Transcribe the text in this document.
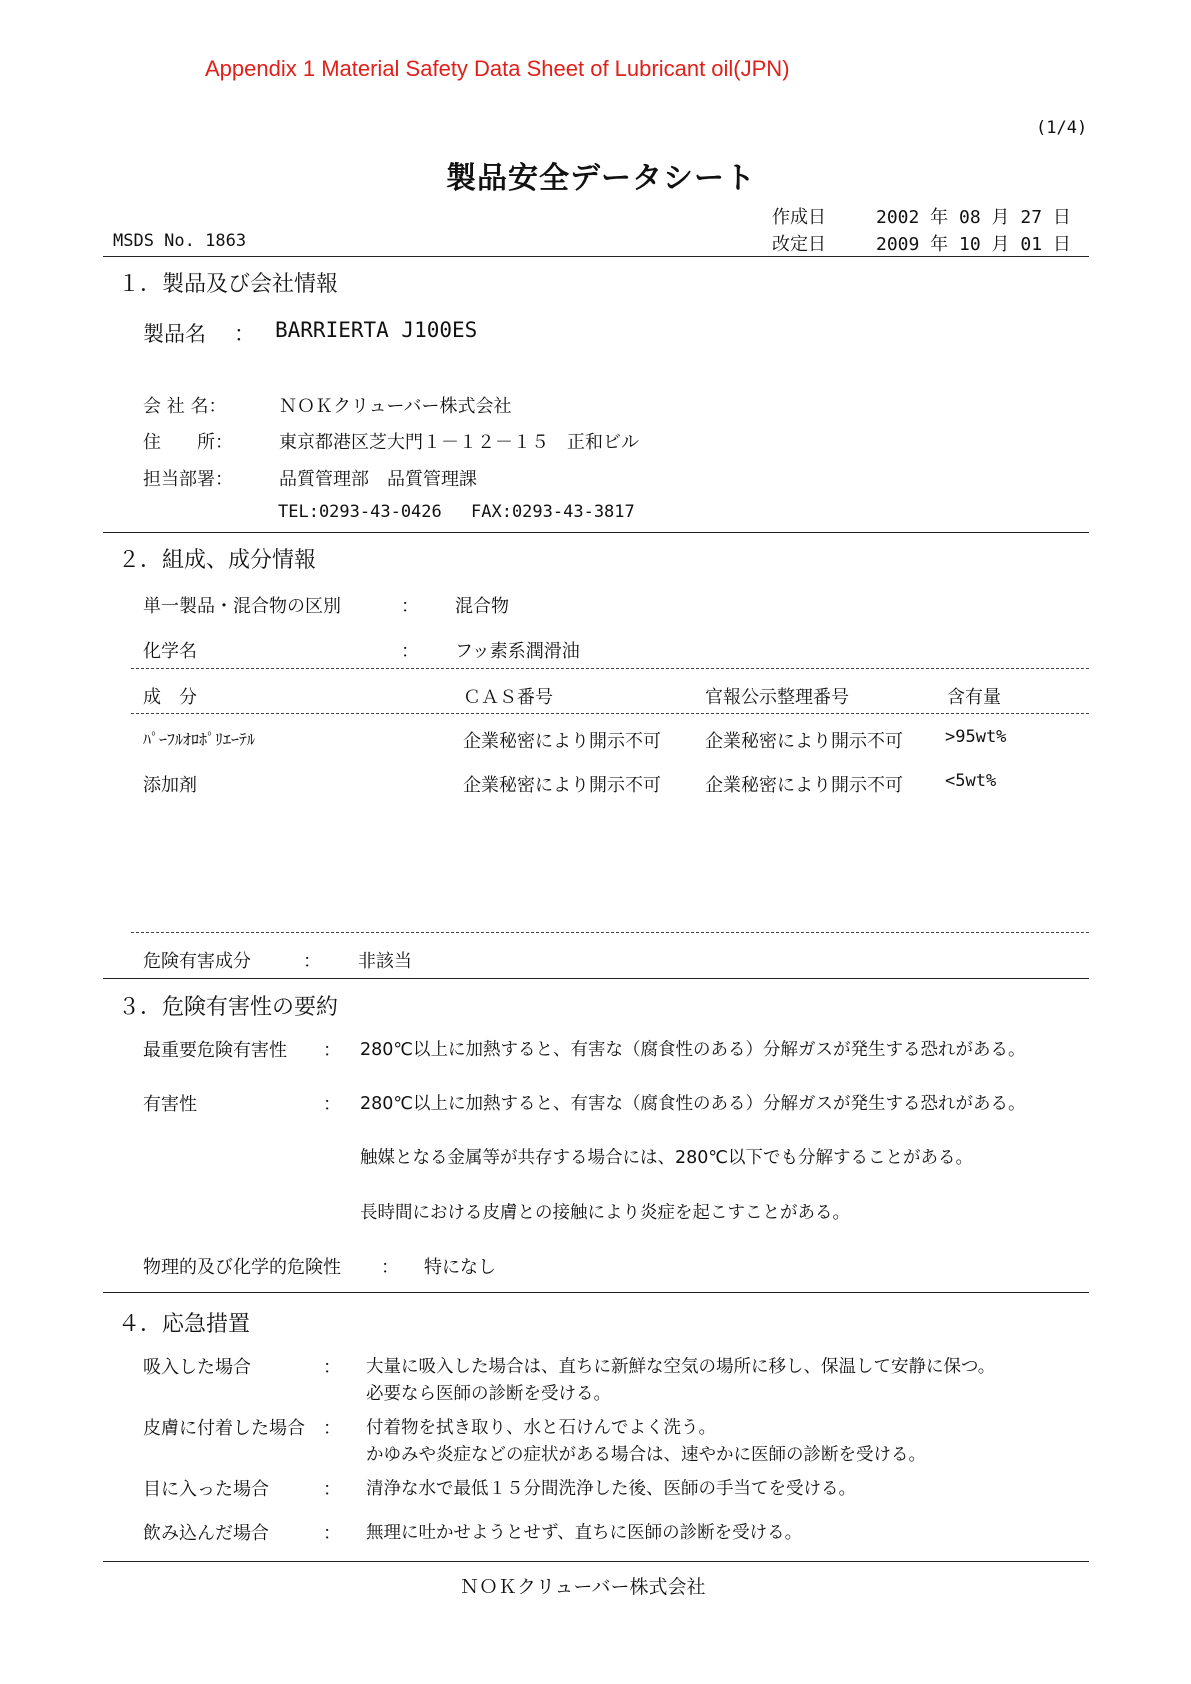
Appendix 1 Material Safety Data Sheet of Lubricant oil(JPN)
(1/4)
製品安全データシート
作成日	2002 年 08 月 27 日
改定日	2009 年 10 月 01 日
MSDS No. 1863
１．製品及び会社情報
製品名 ： BARRIERTA J100ES
会 社 名：	ＮＯＫクリューバー株式会社
住　　所：	東京都港区芝大門１－１２－１５　正和ビル
担当部署：	品質管理部　品質管理課
TEL:0293-43-0426 FAX:0293-43-3817
２．組成、成分情報
単一製品・混合物の区別	： 混合物
化学名	： フッ素系潤滑油
成　分	ＣＡＳ番号	官報公示整理番号	含有量
ﾊﾟｰﾌﾙｵﾛﾎﾟﾘｴｰﾃﾙ	企業秘密により開示不可 企業秘密により開示不可 >95wt%
添加剤	企業秘密により開示不可 企業秘密により開示不可 <5wt%
危険有害成分	： 非該当
３．危険有害性の要約
最重要危険有害性 ： 280℃以上に加熱すると、有害な（腐食性のある）分解ガスが発生する恐れがある。
有害性	： 280℃以上に加熱すると、有害な（腐食性のある）分解ガスが発生する恐れがある。
触媒となる金属等が共存する場合には、280℃以下でも分解することがある。
長時間における皮膚との接触により炎症を起こすことがある。
物理的及び化学的危険性 ： 特になし
４．応急措置
吸入した場合	： 大量に吸入した場合は、直ちに新鮮な空気の場所に移し、保温して安静に保つ。
必要なら医師の診断を受ける。
皮膚に付着した場合 ： 付着物を拭き取り、水と石けんでよく洗う。
かゆみや炎症などの症状がある場合は、速やかに医師の診断を受ける。
目に入った場合	： 清浄な水で最低１５分間洗浄した後、医師の手当てを受ける。
飲み込んだ場合	： 無理に吐かせようとせず、直ちに医師の診断を受ける。
ＮＯＫクリューバー株式会社
